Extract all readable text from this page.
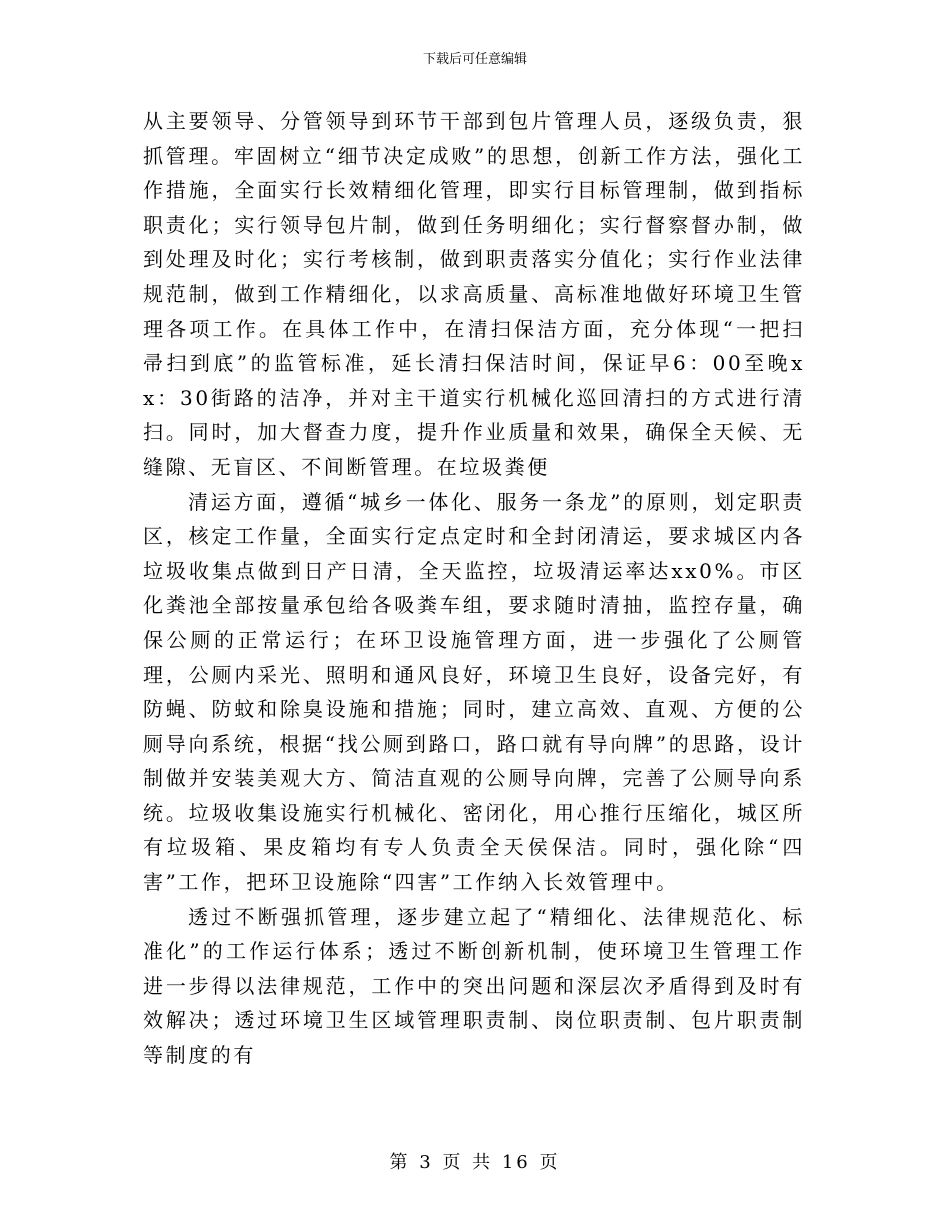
下载后可任意编辑

从主要领导、分管领导到环节干部到包片管理人员，逐级负责，狠抓管理。牢固树立“细节决定成败”的思想，创新工作方法，强化工作措施，全面实行长效精细化管理，即实行目标管理制，做到指标职责化；实行领导包片制，做到任务明细化；实行督察督办制，做到处理及时化；实行考核制，做到职责落实分值化；实行作业法律规范制，做到工作精细化，以求高质量、高标准地做好环境卫生管理各项工作。在具体工作中，在清扫保洁方面，充分体现“一把扫帚扫到底”的监管标准，延长清扫保洁时间，保证早6：00至晚xx：30街路的洁净，并对主干道实行机械化巡回清扫的方式进行清扫。同时，加大督查力度，提升作业质量和效果，确保全天候、无缝隙、无盲区、不间断管理。在垃圾粪便

清运方面，遵循“城乡一体化、服务一条龙”的原则，划定职责区，核定工作量，全面实行定点定时和全封闭清运，要求城区内各垃圾收集点做到日产日清，全天监控，垃圾清运率达xx0%。市区化粪池全部按量承包给各吸粪车组，要求随时清抽，监控存量，确保公厕的正常运行；在环卫设施管理方面，进一步强化了公厕管理，公厕内采光、照明和通风良好，环境卫生良好，设备完好，有防蝇、防蚊和除臭设施和措施；同时，建立高效、直观、方便的公厕导向系统，根据“找公厕到路口，路口就有导向牌”的思路，设计制做并安装美观大方、简洁直观的公厕导向牌，完善了公厕导向系统。垃圾收集设施实行机械化、密闭化，用心推行压缩化，城区所有垃圾箱、果皮箱均有专人负责全天侯保洁。同时，强化除“四害”工作，把环卫设施除“四害”工作纳入长效管理中。

透过不断强抓管理，逐步建立起了“精细化、法律规范化、标准化”的工作运行体系；透过不断创新机制，使环境卫生管理工作进一步得以法律规范，工作中的突出问题和深层次矛盾得到及时有效解决；透过环境卫生区域管理职责制、岗位职责制、包片职责制等制度的有

第 3 页 共 16 页
